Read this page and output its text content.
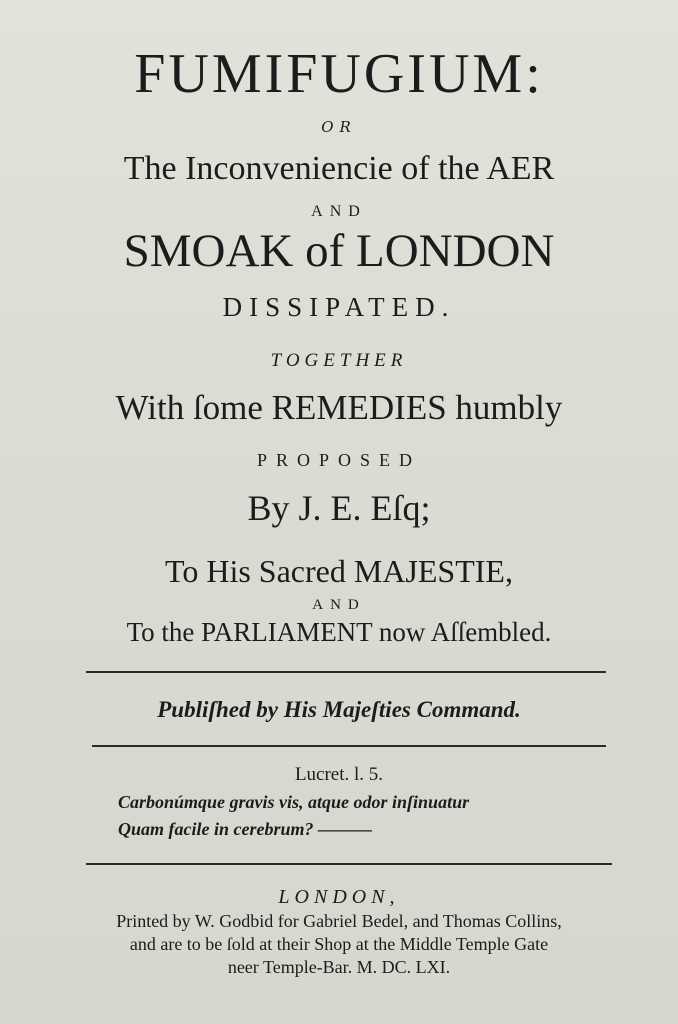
FUMIFUGIUM:
OR
The Inconveniencie of the AER
AND
SMOAK of LONDON
DISSIPATED.
TOGETHER
With ſome REMEDIES humbly
PROPOSED
By J. E. Eſq;
To His Sacred MAJESTIE,
AND
To the PARLIAMENT now Aſſembled.
Publiſhed by His Majeſties Command.
Lucret. l. 5.
Carbonúmque gravis vis, atque odor inſinuatur
Quam facile in cerebrum? ———
LONDON,
Printed by W. Godbid for Gabriel Bedel, and Thomas Collins,
and are to be ſold at their Shop at the Middle Temple Gate
neer Temple-Bar. M. DC. LXI.
